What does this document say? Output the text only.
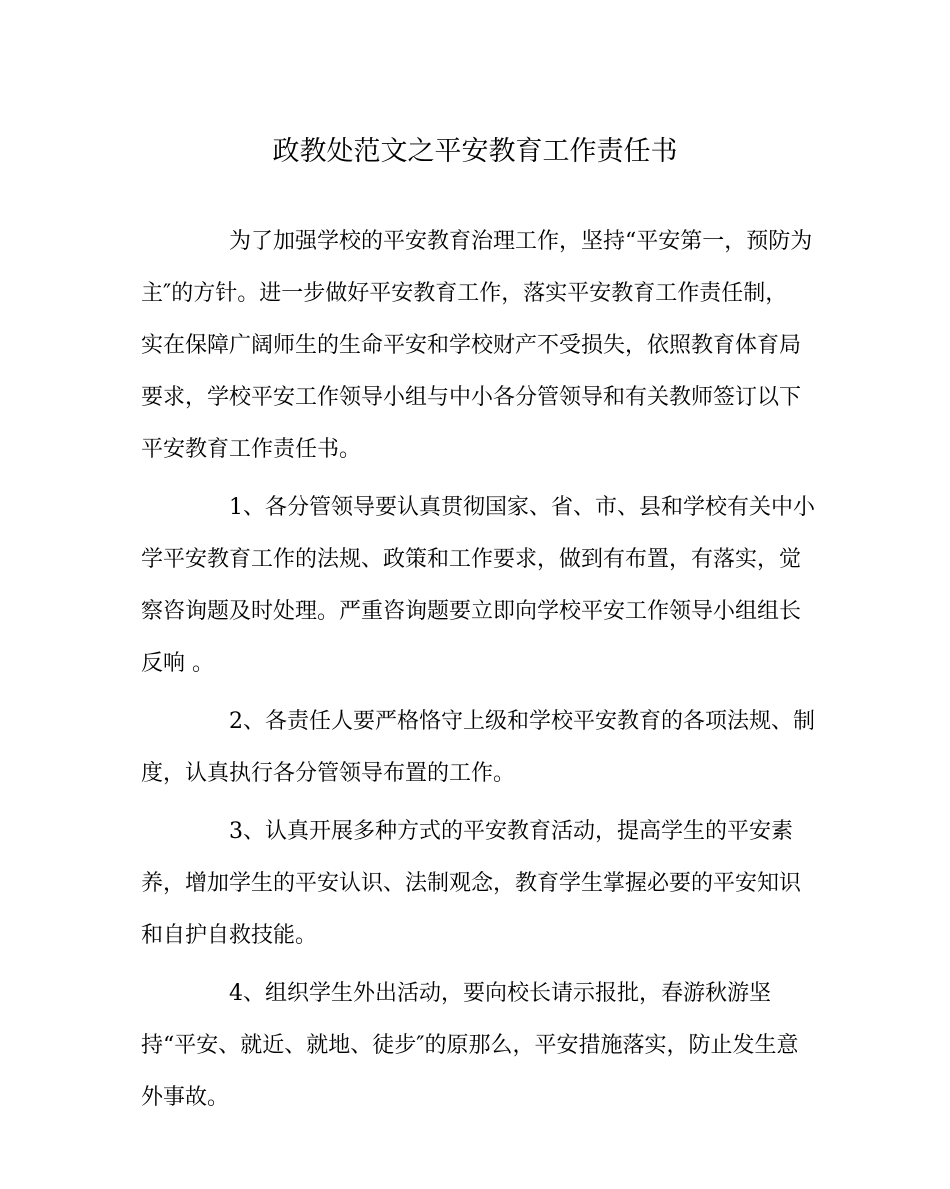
政教处范文之平安教育工作责任书

为了加强学校的平安教育治理工作，坚持“平安第一，预防为
主″的方针。进一步做好平安教育工作，落实平安教育工作责任制，
实在保障广阔师生的生命平安和学校财产不受损失，依照教育体育局
要求，学校平安工作领导小组与中小各分管领导和有关教师签订以下
平安教育工作责任书。

1、各分管领导要认真贯彻国家、省、市、县和学校有关中小
学平安教育工作的法规、政策和工作要求，做到有布置，有落实，觉
察咨询题及时处理。严重咨询题要立即向学校平安工作领导小组组长
反响 。

2、各责任人要严格恪守上级和学校平安教育的各项法规、制
度，认真执行各分管领导布置的工作。

3、认真开展多种方式的平安教育活动，提高学生的平安素
养，增加学生的平安认识、法制观念，教育学生掌握必要的平安知识
和自护自救技能。

4、组织学生外出活动，要向校长请示报批，春游秋游坚
持“平安、就近、就地、徒步″的原那么，平安措施落实，防止发生意
外事故。
